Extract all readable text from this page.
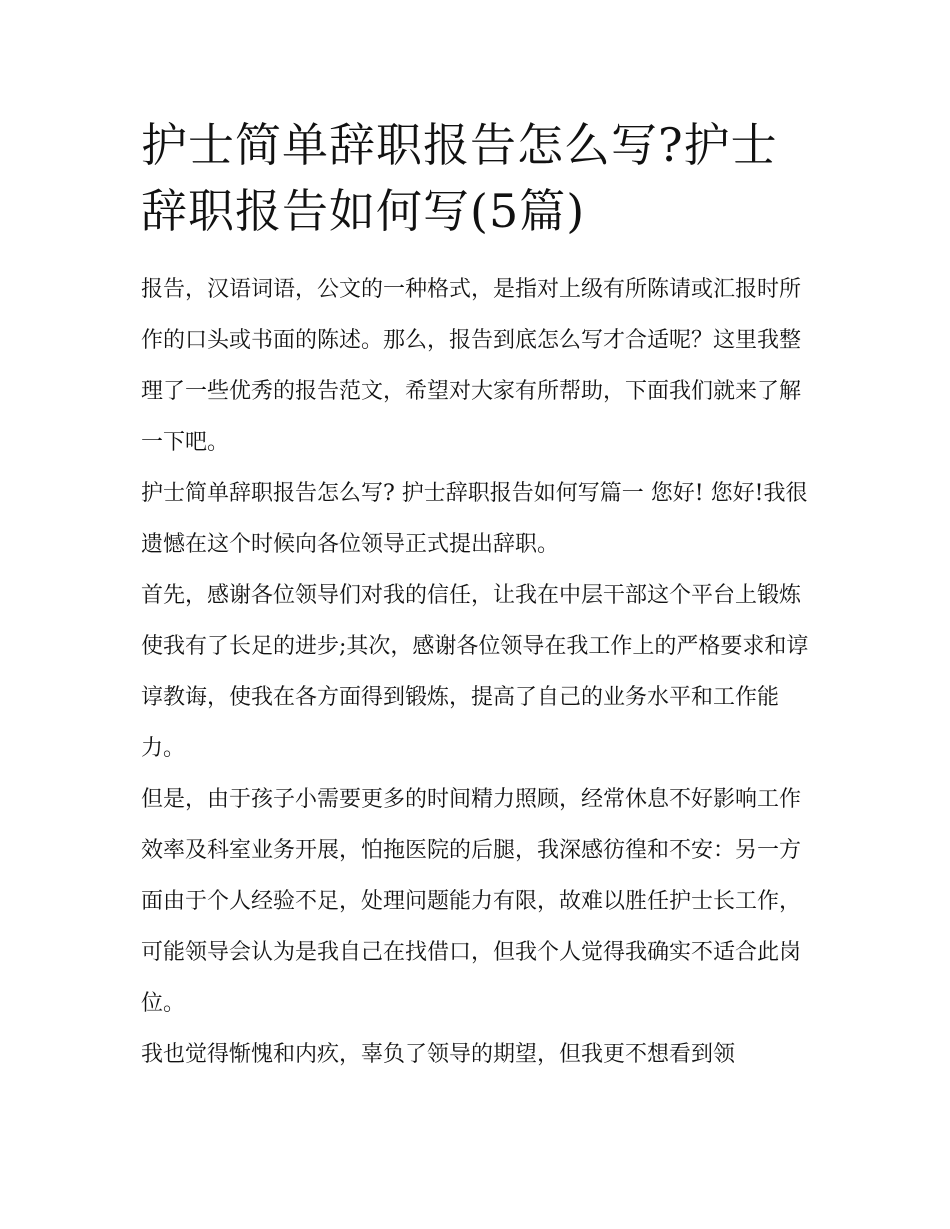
护士简单辞职报告怎么写?护士辞职报告如何写(5篇)

报告，汉语词语，公文的一种格式，是指对上级有所陈请或汇报时所作的口头或书面的陈述。那么，报告到底怎么写才合适呢？这里我整理了一些优秀的报告范文，希望对大家有所帮助，下面我们就来了解一下吧。

护士简单辞职报告怎么写? 护士辞职报告如何写篇一 您好! 您好!我很遗憾在这个时候向各位领导正式提出辞职。

首先，感谢各位领导们对我的信任，让我在中层干部这个平台上锻炼使我有了长足的进步;其次，感谢各位领导在我工作上的严格要求和谆谆教诲，使我在各方面得到锻炼，提高了自己的业务水平和工作能力。

但是，由于孩子小需要更多的时间精力照顾，经常休息不好影响工作效率及科室业务开展，怕拖医院的后腿，我深感彷徨和不安：另一方面由于个人经验不足，处理问题能力有限，故难以胜任护士长工作，可能领导会认为是我自己在找借口，但我个人觉得我确实不适合此岗位。

我也觉得惭愧和内疚，辜负了领导的期望，但我更不想看到领
